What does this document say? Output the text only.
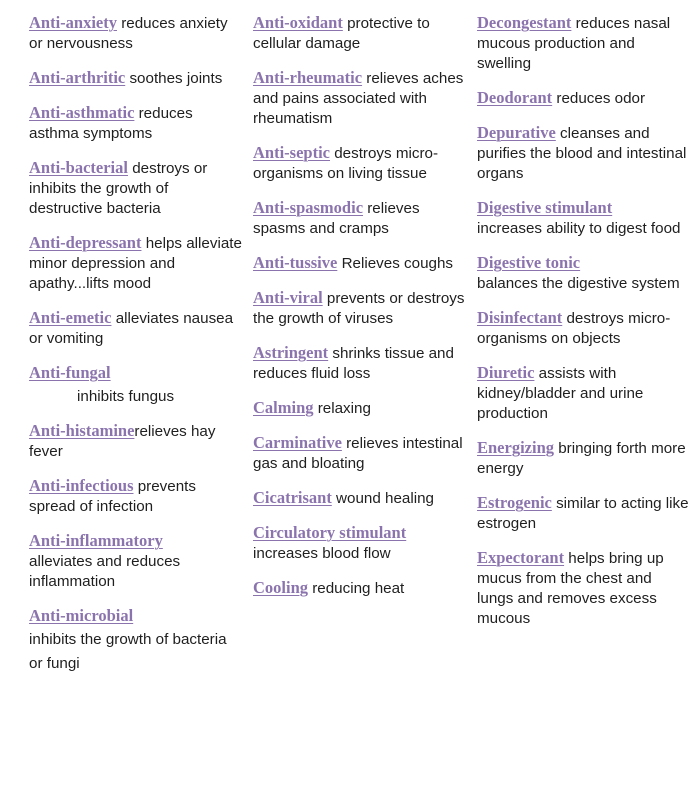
Anti-anxiety reduces anxiety or nervousness

Anti-arthritic soothes joints

Anti-asthmatic reduces asthma symptoms

Anti-bacterial destroys or inhibits the growth of destructive bacteria

Anti-depressant helps alleviate minor depression and apathy...lifts mood

Anti-emetic alleviates nausea or vomiting

Anti-fungal
inhibits fungus

Anti-histaminerelieves hay fever

Anti-infectious prevents spread of infection

Anti-inflammatory
alleviates and reduces inflammation

Anti-microbial
inhibits the growth of bacteria or fungi

Anti-oxidant protective to cellular damage

Anti-rheumatic relieves aches and pains associated with rheumatism

Anti-septic destroys micro-organisms on living tissue

Anti-spasmodic relieves spasms and cramps

Anti-tussive Relieves coughs

Anti-viral prevents or destroys the growth of viruses

Astringent shrinks tissue and reduces fluid loss

Calming relaxing

Carminative relieves intestinal gas and bloating

Cicatrisant wound healing

Circulatory stimulant
increases blood flow

Cooling reducing heat

Decongestant reduces nasal mucous production and swelling

Deodorant reduces odor

Depurative cleanses and purifies the blood and intestinal organs

Digestive stimulant
increases ability to digest food

Digestive tonic
balances the digestive system

Disinfectant destroys micro-organisms on objects

Diuretic assists with kidney/bladder and urine production

Energizing bringing forth more energy

Estrogenic similar to acting like estrogen

Expectorant helps bring up mucus from the chest and lungs and removes excess mucous
